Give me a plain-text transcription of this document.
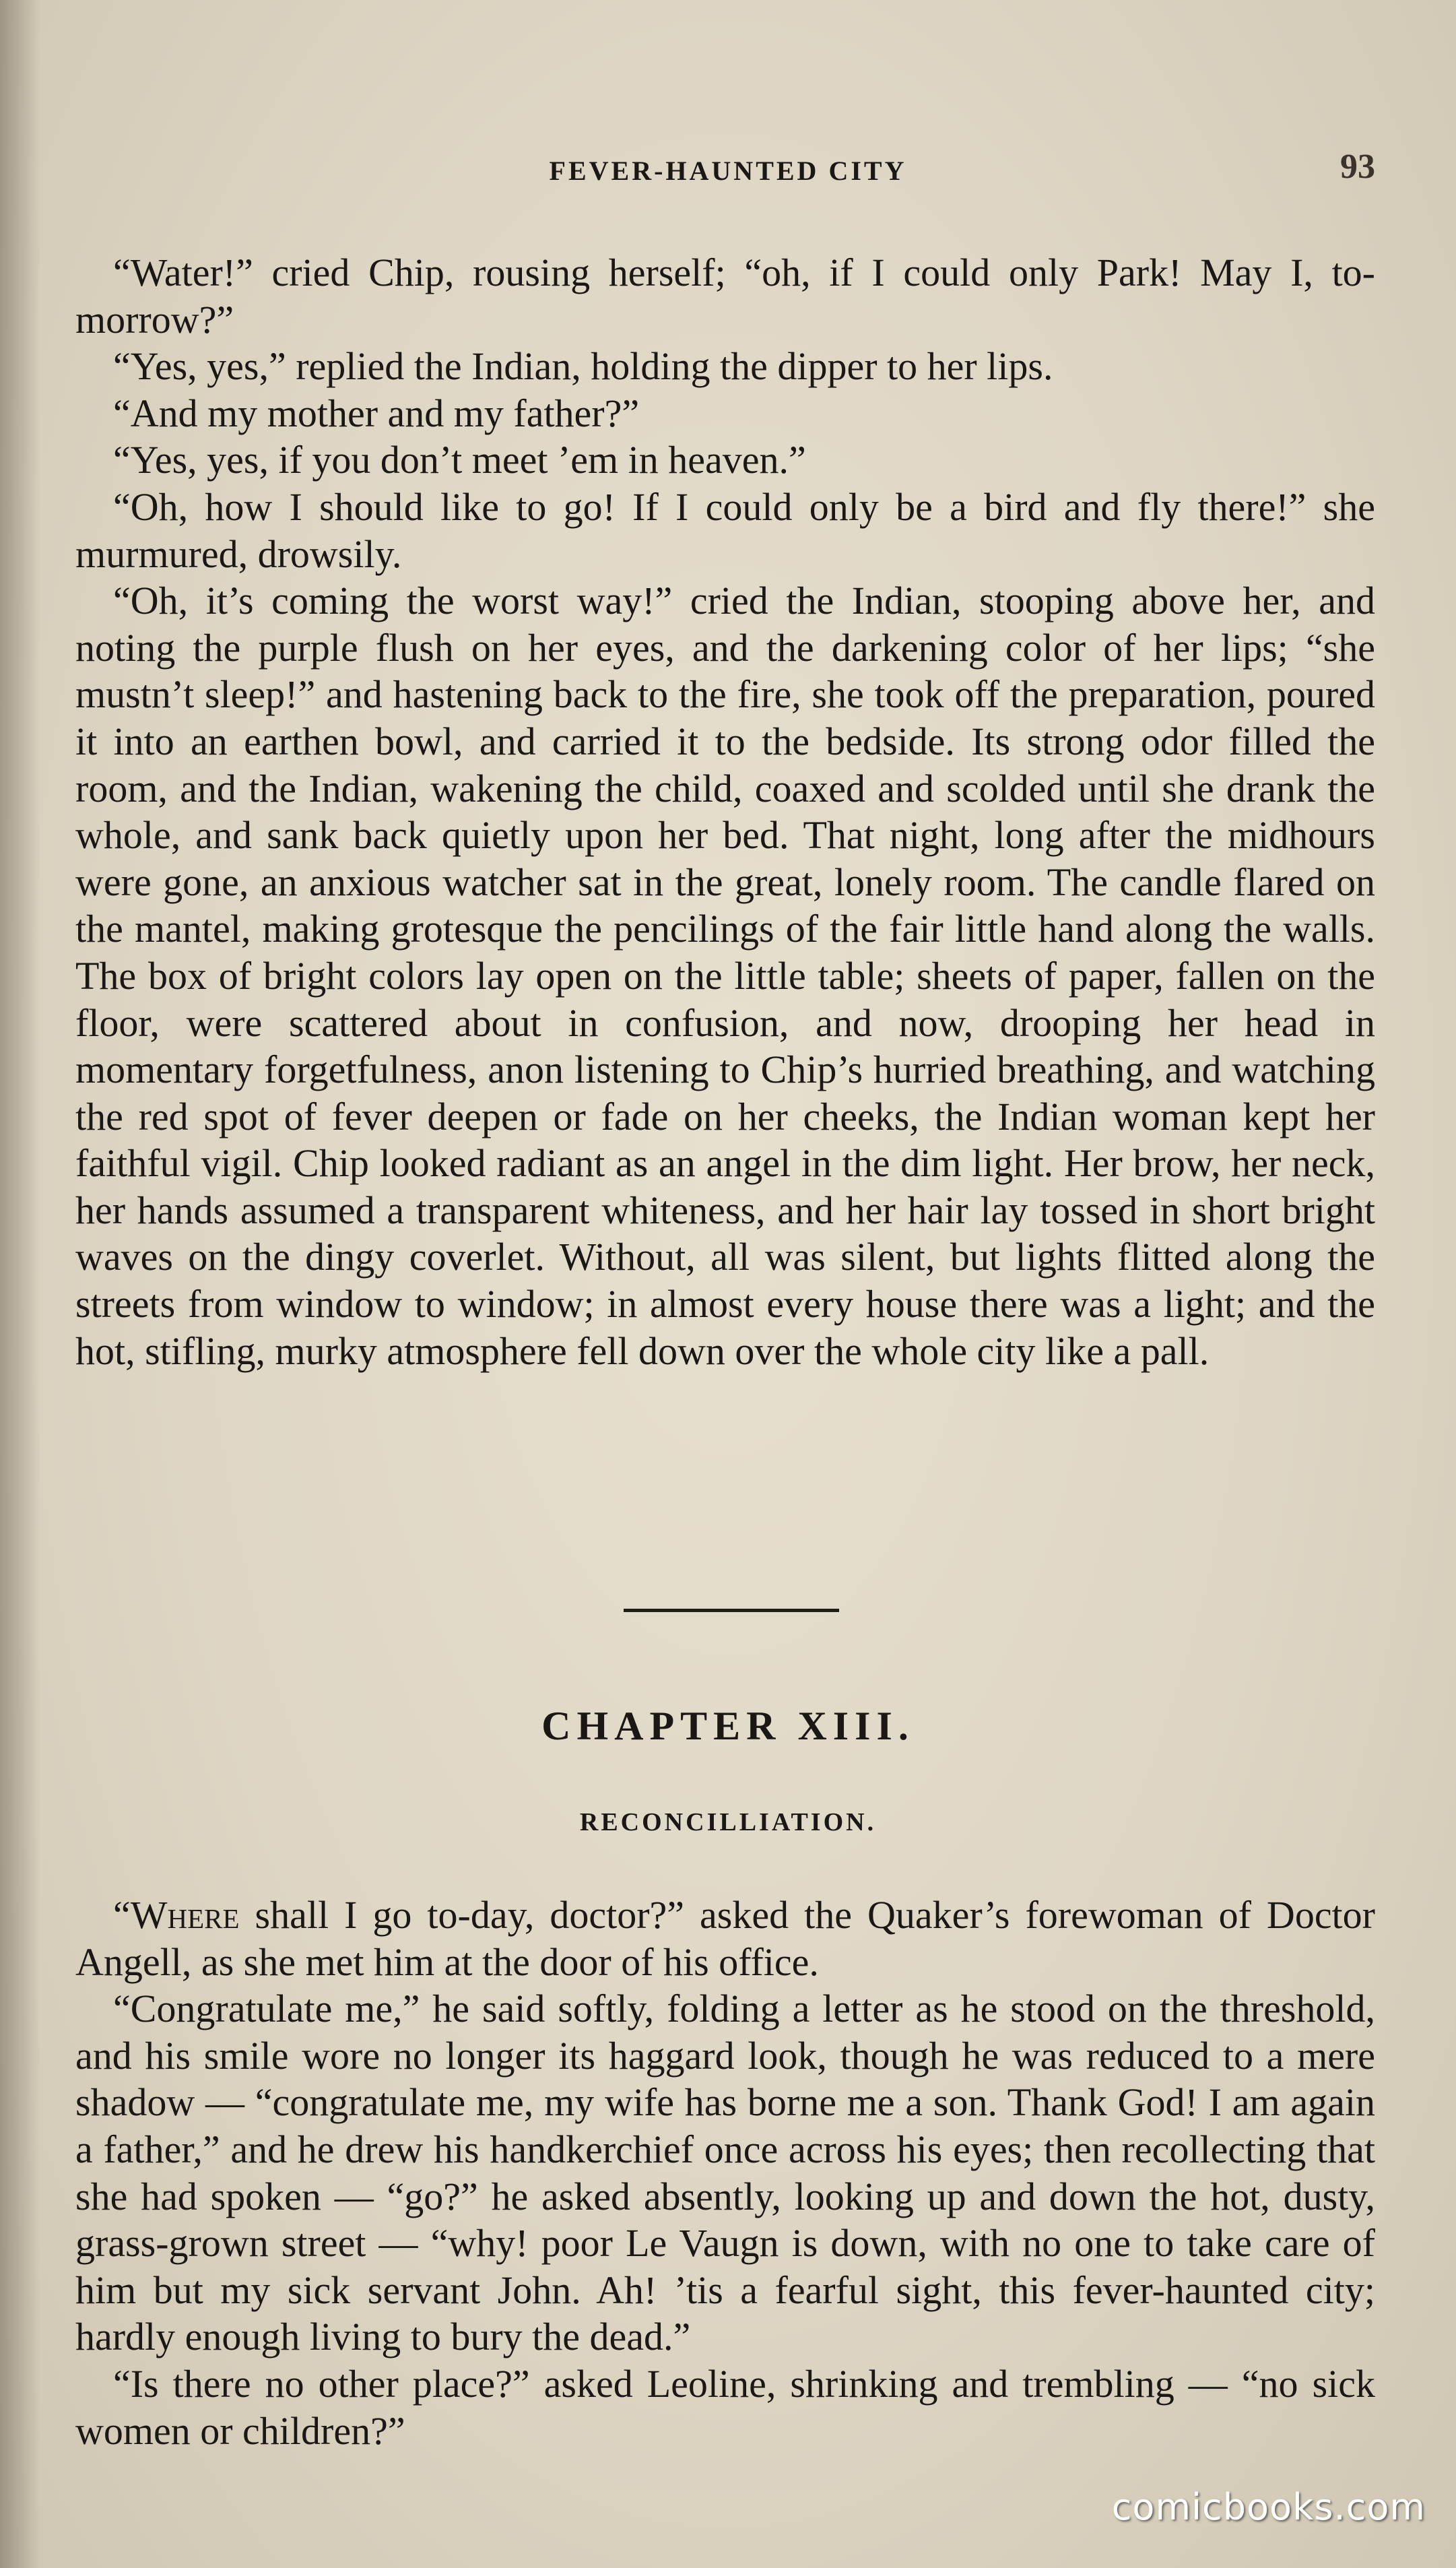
FEVER-HAUNTED CITY	93

“Water!” cried Chip, rousing herself; “oh, if I could only Park! May I, to-morrow?”

“Yes, yes,” replied the Indian, holding the dipper to her lips.

“And my mother and my father?”

“Yes, yes, if you don’t meet ’em in heaven.”

“Oh, how I should like to go! If I could only be a bird and fly there!” she murmured, drowsily.

“Oh, it’s coming the worst way!” cried the Indian, stooping above her, and noting the purple flush on her eyes, and the darkening color of her lips; “she mustn’t sleep!” and hastening back to the fire, she took off the preparation, poured it into an earthen bowl, and carried it to the bedside. Its strong odor filled the room, and the Indian, wakening the child, coaxed and scolded until she drank the whole, and sank back quietly upon her bed. That night, long after the midhours were gone, an anxious watcher sat in the great, lonely room. The candle flared on the mantel, making grotesque the pencilings of the fair little hand along the walls. The box of bright colors lay open on the little table; sheets of paper, fallen on the floor, were scattered about in confusion, and now, drooping her head in momentary forgetfulness, anon listening to Chip’s hurried breathing, and watching the red spot of fever deepen or fade on her cheeks, the Indian woman kept her faithful vigil. Chip looked radiant as an angel in the dim light. Her brow, her neck, her hands assumed a transparent whiteness, and her hair lay tossed in short bright waves on the dingy coverlet. Without, all was silent, but lights flitted along the streets from window to window; in almost every house there was a light; and the hot, stifling, murky atmosphere fell down over the whole city like a pall.

CHAPTER XIII.
RECONCILLIATION.

“Where shall I go to-day, doctor?” asked the Quaker’s forewoman of Doctor Angell, as she met him at the door of his office.

“Congratulate me,” he said softly, folding a letter as he stood on the threshold, and his smile wore no longer its haggard look, though he was reduced to a mere shadow — “congratulate me, my wife has borne me a son. Thank God! I am again a father,” and he drew his handkerchief once across his eyes; then recollecting that she had spoken — “go?” he asked absently, looking up and down the hot, dusty, grass-grown street — “why! poor Le Vaugn is down, with no one to take care of him but my sick servant John. Ah! ’tis a fearful sight, this fever-haunted city; hardly enough living to bury the dead.”

“Is there no other place?” asked Leoline, shrinking and trembling — “no sick women or children?”

comicbooks.com
